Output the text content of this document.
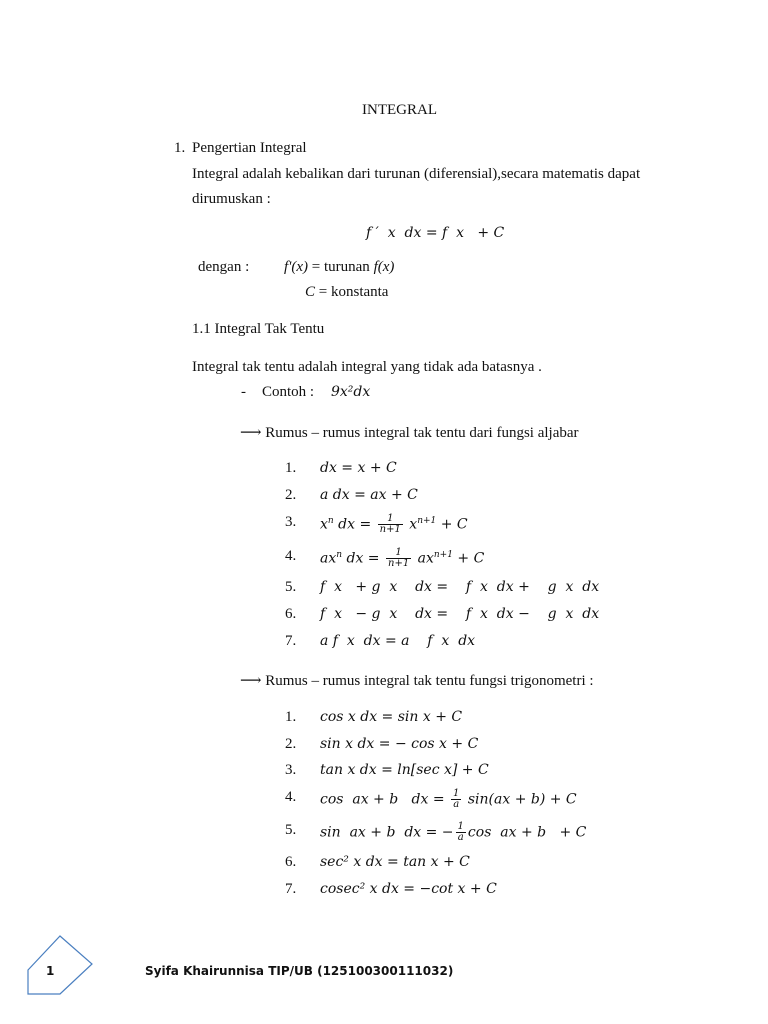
INTEGRAL
1. Pengertian Integral
Integral adalah kebalikan dari turunan (diferensial),secara matematis dapat
dirumuskan :
f ′  x  dx = f  x   + C
dengan : f'(x) = turunan f(x)
C = konstanta
1.1 Integral Tak Tentu
Integral tak tentu adalah integral yang tidak ada batasnya .
- Contoh : 9x²dx
⟶ Rumus – rumus integral tak tentu dari fungsi aljabar
1. dx = x + C
2. a dx = ax + C
3. $x^n$ dx = $\frac{1}{n+1} x^{n+1} + C$
4. $ax^n$ dx = $\frac{1}{n+1} ax^{n+1} + C$
5. f  x   + g  x    dx =    f  x  dx +    g  x  dx
6. f  x   − g  x    dx =    f  x  dx −    g  x  dx
7. a f  x  dx = a    f  x  dx
⟶ Rumus – rumus integral tak tentu fungsi trigonometri :
1. cos x dx = sin x + C
2. sin x dx = − cos x + C
3. tan x dx = ln[sec x] + C
4. cos  ax + b   dx = $\frac{1}{a} \sin(ax + b) + C$
5. sin  ax + b  dx = − $\frac{1}{a}$ cos  ax + b   + C
6. sec² x dx = tan x + C
7. cosec² x dx = −cot x + C
1	Syifa Khairunnisa TIP/UB (125100300111032)
